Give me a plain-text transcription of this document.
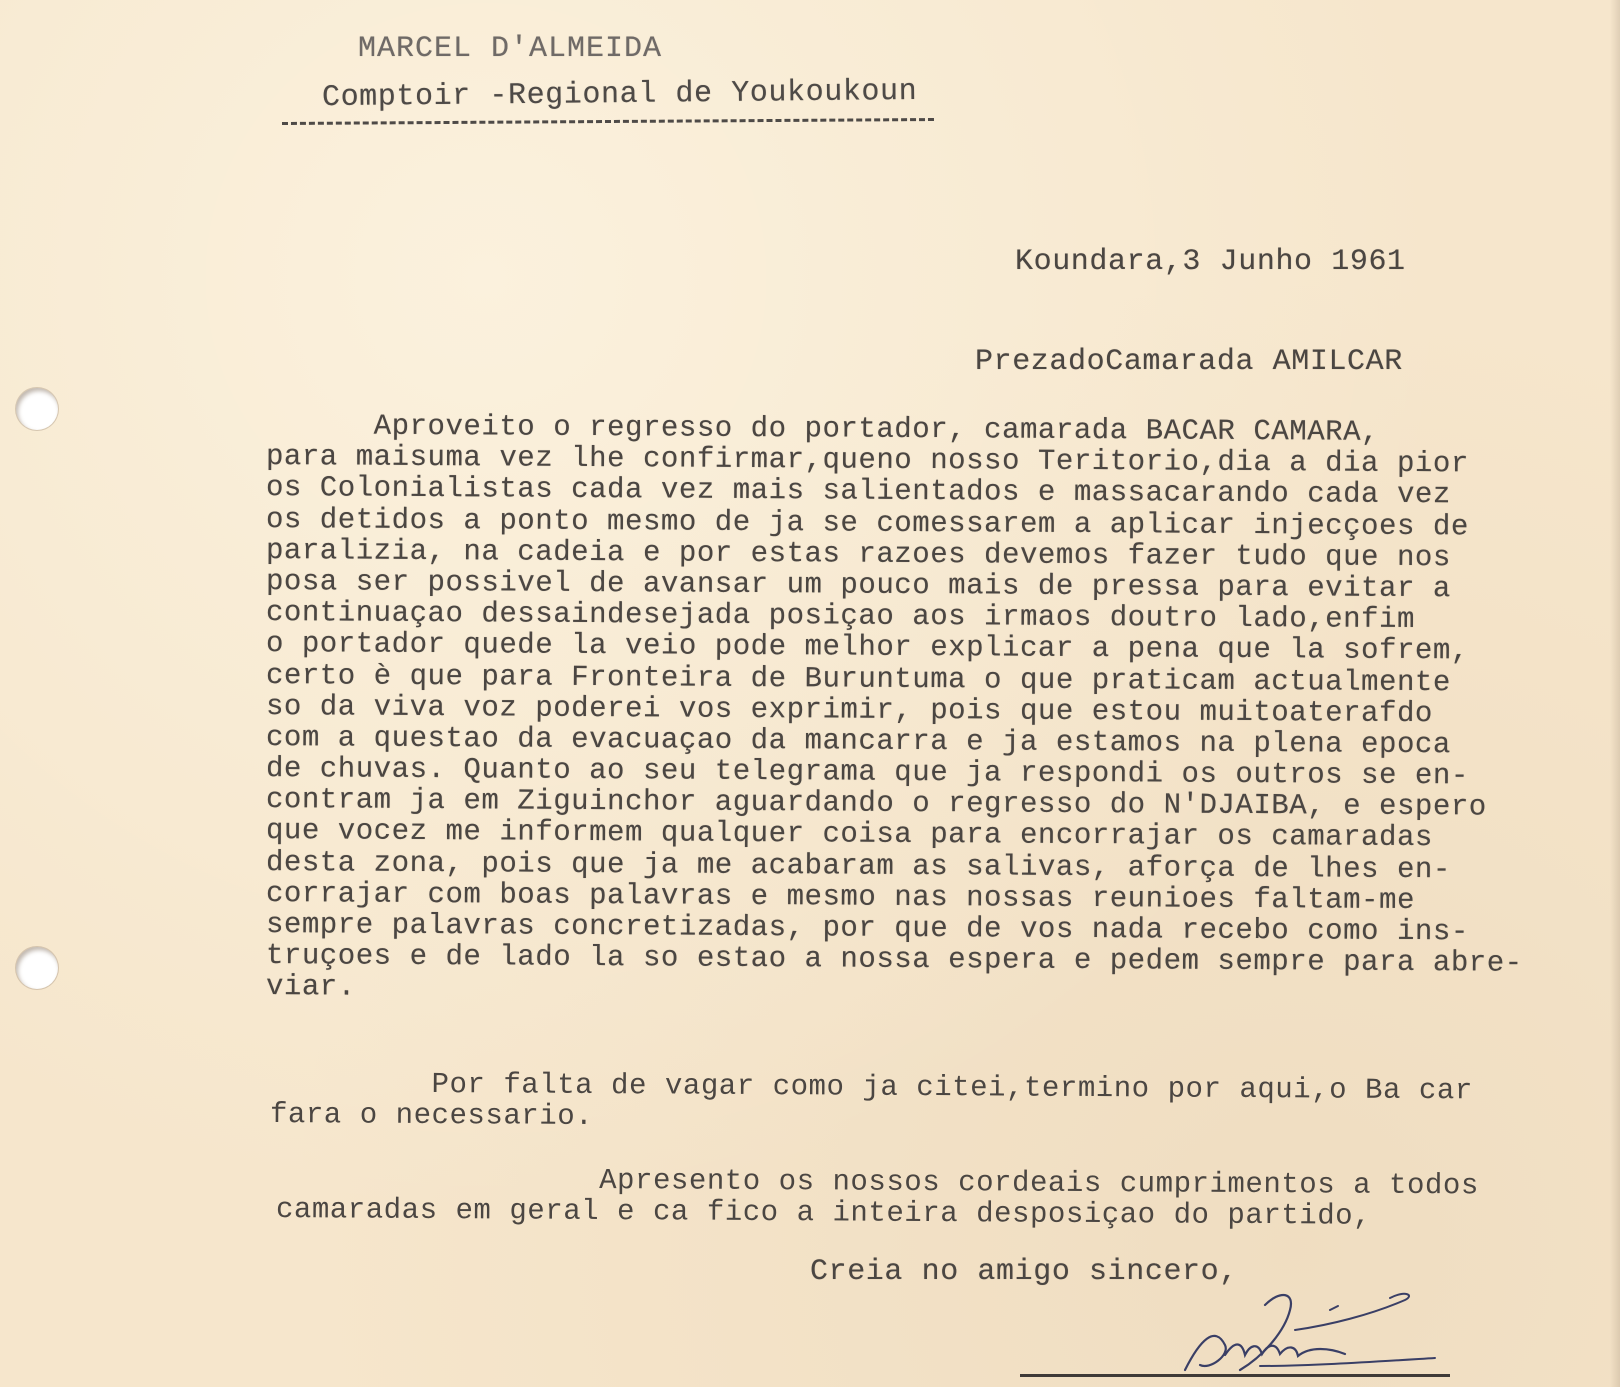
MARCEL D'ALMEIDA
Comptoir -Regional de Youkoukoun
Koundara,3 Junho 1961
PrezadoCamarada AMILCAR
Aproveito o regresso do portador, camarada BACAR CAMARA,
para maisuma vez lhe confirmar,queno nosso Teritorio,dia a dia pior
os Colonialistas cada vez mais salientados e massacarando cada vez
os detidos a ponto mesmo de ja se comessarem a aplicar injecçoes de
paralizia, na cadeia e por estas razoes devemos fazer tudo que nos
posa ser possivel de avansar um pouco mais de pressa para evitar a
continuaçao dessaindesejada posiçao aos irmaos doutro lado,enfim
o portador quede la veio pode melhor explicar a pena que la sofrem,
certo è que para Fronteira de Buruntuma o que praticam actualmente
so da viva voz poderei vos exprimir, pois que estou muitoaterafdo
com a questao da evacuaçao da mancarra e ja estamos na plena epoca
de chuvas. Quanto ao seu telegrama que ja respondi os outros se en-
contram ja em Ziguinchor aguardando o regresso do N'DJAIBA, e espero
que vocez me informem qualquer coisa para encorrajar os camaradas
desta zona, pois que ja me acabaram as salivas, aforça de lhes en-
corrajar com boas palavras e mesmo nas nossas reunioes faltam-me
sempre palavras concretizadas, por que de vos nada recebo como ins-
truçoes e de lado la so estao a nossa espera e pedem sempre para abre-
viar.
Por falta de vagar como ja citei,termino por aqui,o Ba car
fara o necessario.
Apresento os nossos cordeais cumprimentos a todos
camaradas em geral e ca fico a inteira desposiçao do partido,
Creia no amigo sincero,
